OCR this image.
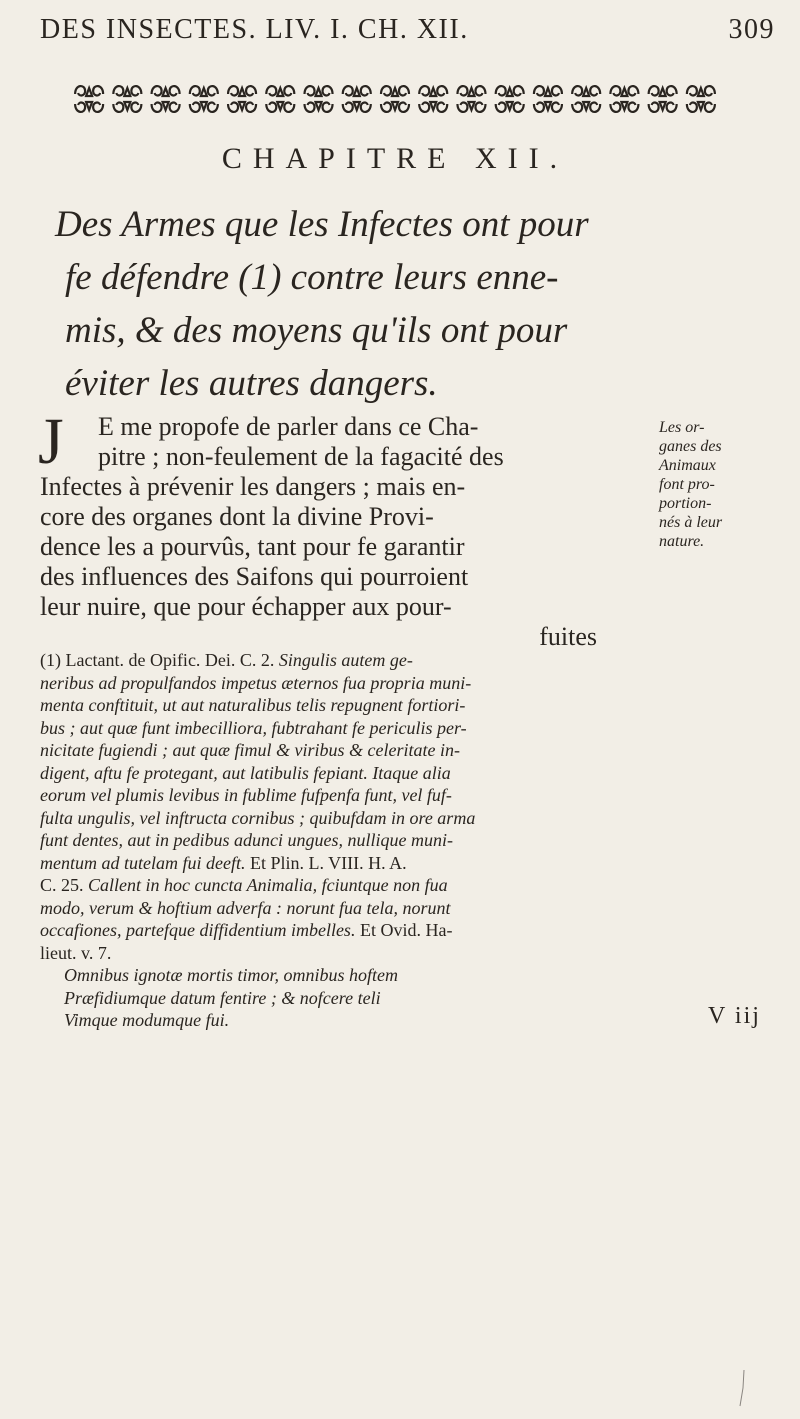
DES INSECTES. LIV. I. CH. XII.	309
CHAPITRE XII.
Des Armes que les Infectes ont pour
fe défendre (1) contre leurs enne-
mis, & des moyens qu'ils ont pour
éviter les autres dangers.
J	E me propofe de parler dans ce Cha-
pitre ; non-feulement de la fagacité des
Infectes à prévenir les dangers ; mais en-
core des organes dont la divine Provi-
dence les a pourvûs, tant pour fe garantir
des influences des Saifons qui pourroient
leur nuire, que pour échapper aux pour-
fuites
Les or-
ganes des
Animaux
font pro-
portion-
nés à leur
nature.
(1) Lactant. de Opific. Dei. C. 2. Singulis autem ge-
neribus ad propulfandos impetus æternos fua propria muni-
menta conftituit, ut aut naturalibus telis repugnent fortiori-
bus ; aut quæ funt imbecilliora, fubtrahant fe periculis per-
nicitate fugiendi ; aut quæ fimul & viribus & celeritate in-
digent, aftu fe protegant, aut latibulis fepiant. Itaque alia
eorum vel plumis levibus in fublime fufpenfa funt, vel fuf-
fulta ungulis, vel inftructa cornibus ; quibufdam in ore arma
funt dentes, aut in pedibus adunci ungues, nullique muni-
mentum ad tutelam fui deeft. Et Plin. L. VIII. H. A.
C. 25. Callent in hoc cuncta Animalia, fciuntque non fua
modo, verum & hoftium adverfa : norunt fua tela, norunt
occafiones, partefque diffidentium imbelles. Et Ovid. Ha-
lieut. v. 7.
Omnibus ignotæ mortis timor, omnibus hoftem
Præfidiumque datum fentire ; & nofcere teli
Vimque modumque fui.	V iij
